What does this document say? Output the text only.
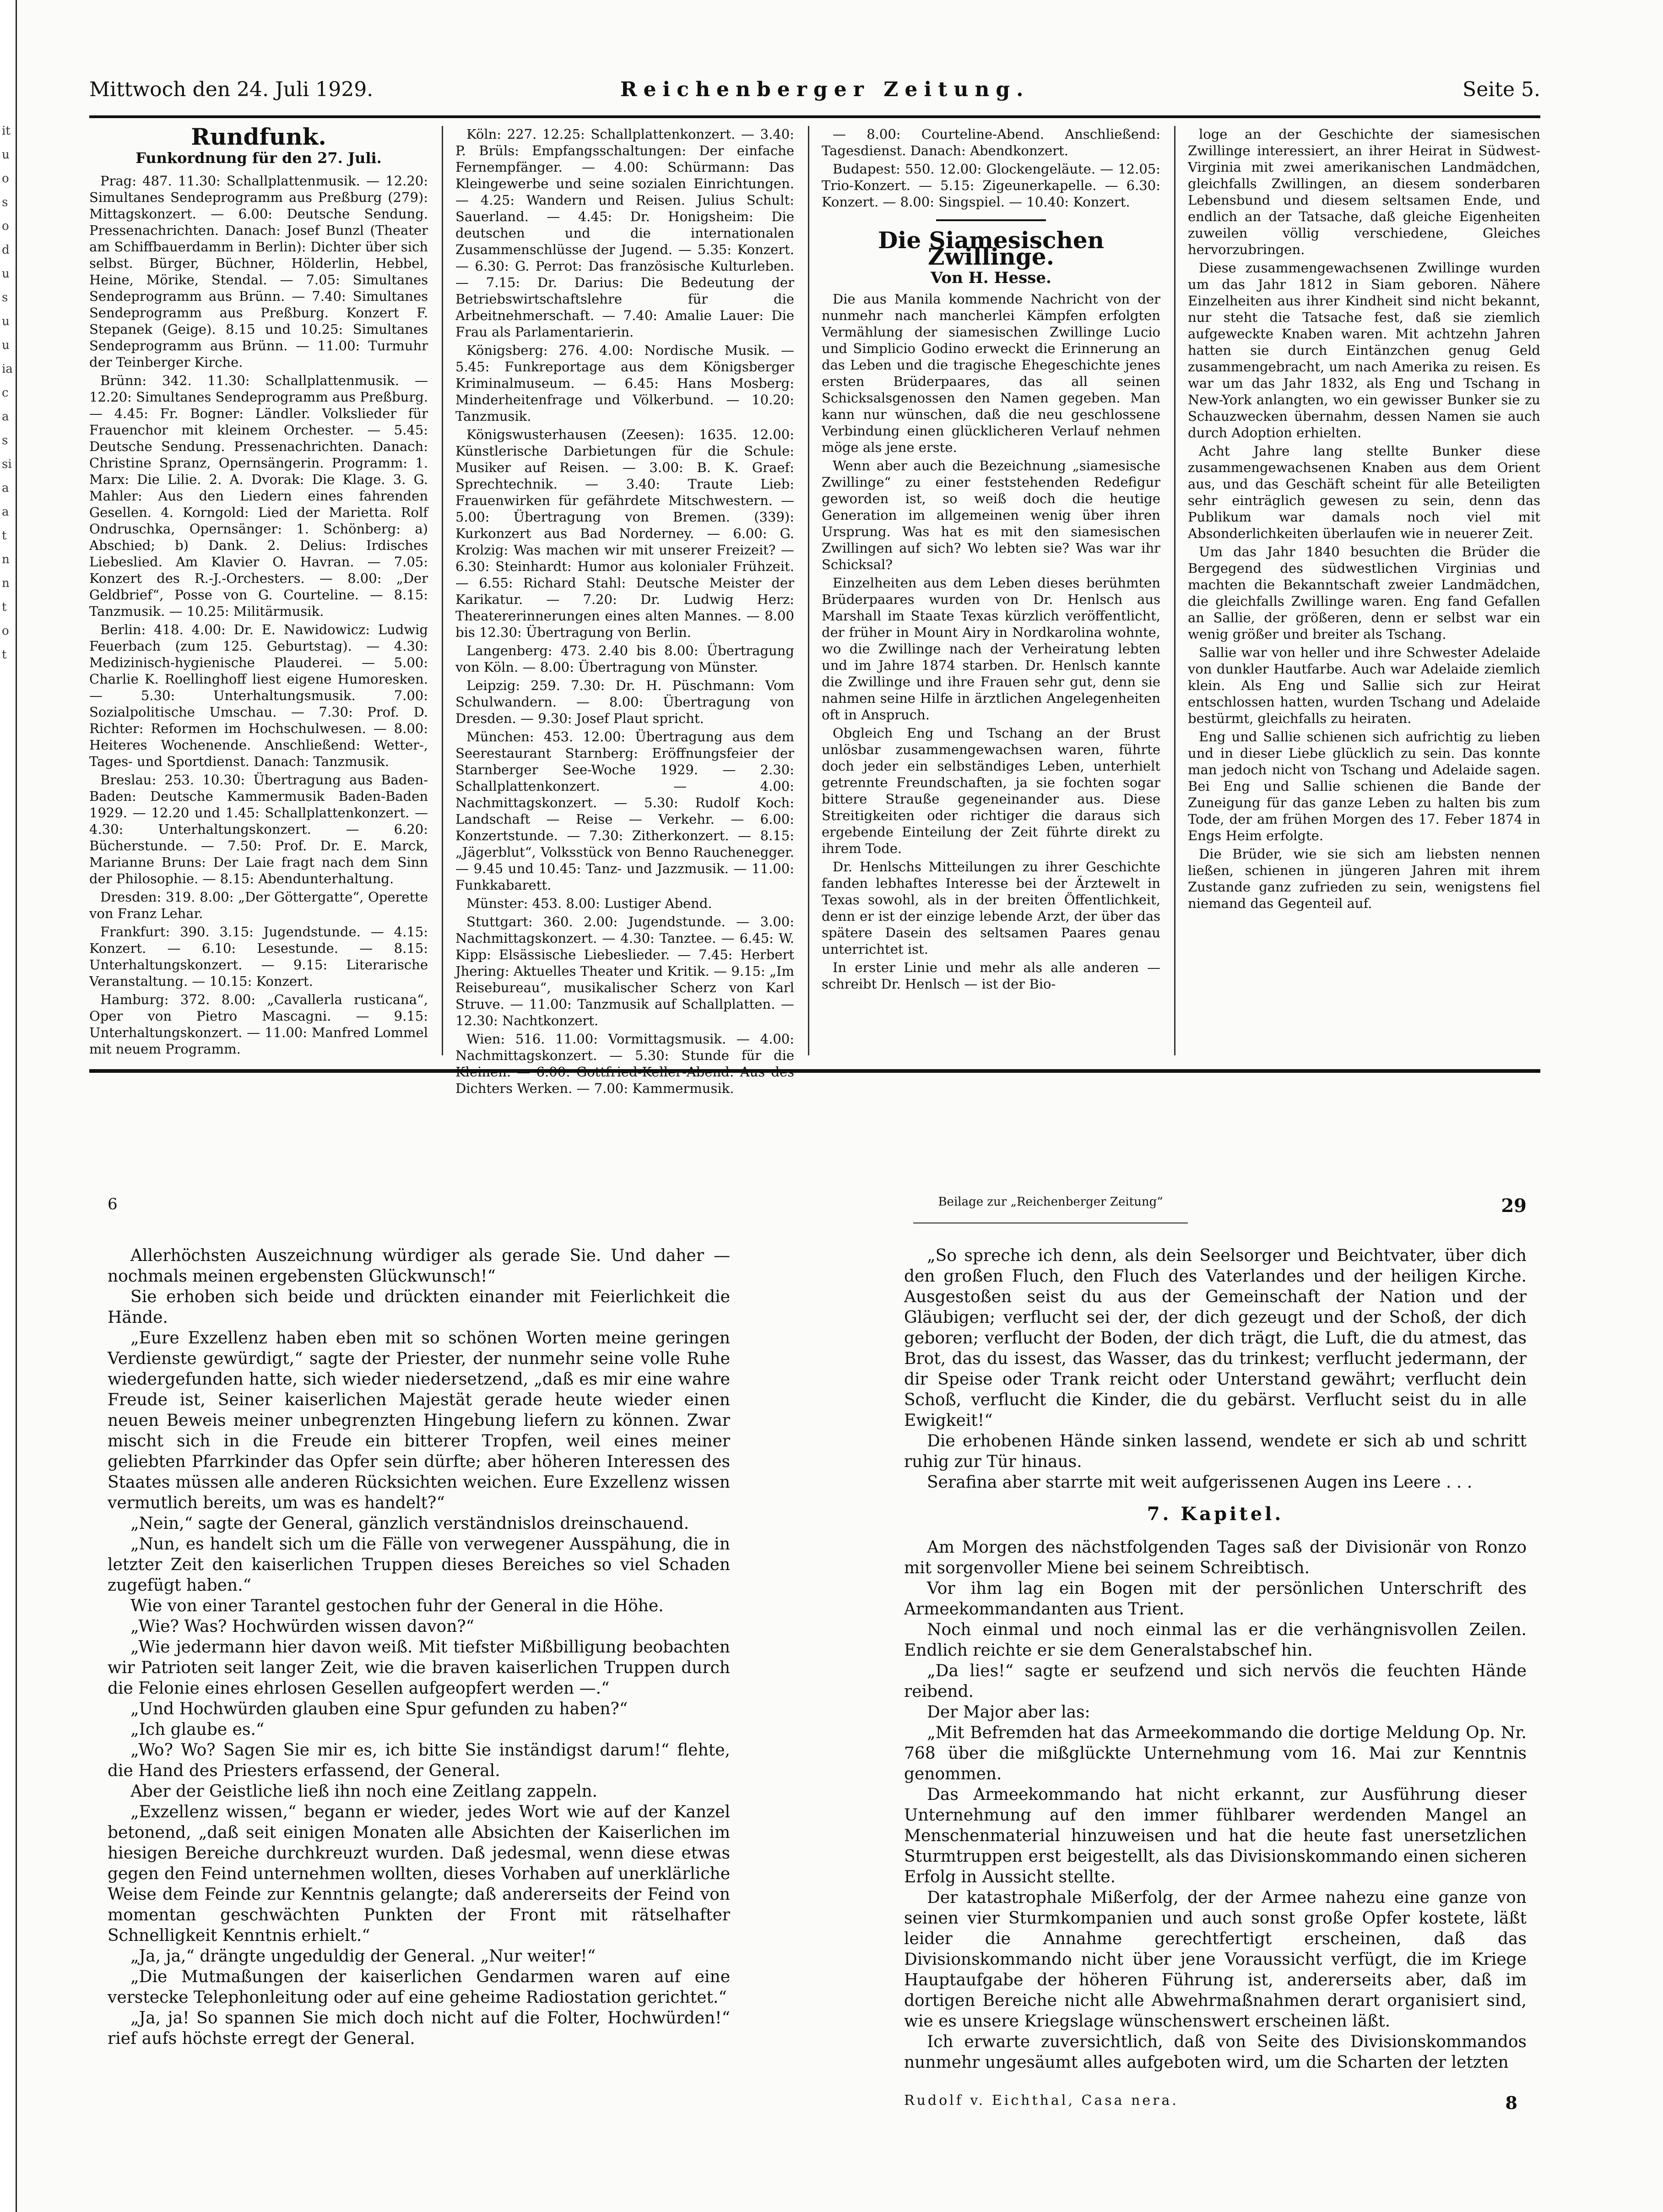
ituosodusuuiacassiaatnntot
Mittwoch den 24. Juli 1929.	Reichenberger Zeitung.	Seite 5.
Rundfunk.
Funkordnung für den 27. Juli.

Prag: 487. 11.30: Schallplattenmusik. — 12.20: Simultanes Sendeprogramm aus Preßburg (279): Mittagskonzert. — 6.00: Deutsche Sendung. Pressenachrichten. Danach: Josef Bunzl (Theater am Schiffbauerdamm in Berlin): Dichter über sich selbst. Bürger, Büchner, Hölderlin, Hebbel, Heine, Mörike, Stendal. — 7.05: Simultanes Sendeprogramm aus Brünn. — 7.40: Simultanes Sendeprogramm aus Preßburg. Konzert F. Stepanek (Geige). 8.15 und 10.25: Simultanes Sendeprogramm aus Brünn. — 11.00: Turmuhr der Teinberger Kirche.

Brünn: 342. 11.30: Schallplattenmusik. — 12.20: Simultanes Sendeprogramm aus Preßburg. — 4.45: Fr. Bogner: Ländler. Volkslieder für Frauenchor mit kleinem Orchester. — 5.45: Deutsche Sendung. Pressenachrichten. Danach: Christine Spranz, Opernsängerin. Programm: 1. Marx: Die Lilie. 2. A. Dvorak: Die Klage. 3. G. Mahler: Aus den Liedern eines fahrenden Gesellen. 4. Korngold: Lied der Marietta. Rolf Ondruschka, Opernsänger: 1. Schönberg: a) Abschied; b) Dank. 2. Delius: Irdisches Liebeslied. Am Klavier O. Havran. — 7.05: Konzert des R.-J.-Orchesters. — 8.00: „Der Geldbrief“, Posse von G. Courteline. — 8.15: Tanzmusik. — 10.25: Militärmusik.

Berlin: 418. 4.00: Dr. E. Nawidowicz: Ludwig Feuerbach (zum 125. Geburtstag). — 4.30: Medizinisch-hygienische Plauderei. — 5.00: Charlie K. Roellinghoff liest eigene Humoresken. — 5.30: Unterhaltungsmusik. 7.00: Sozialpolitische Umschau. — 7.30: Prof. D. Richter: Reformen im Hochschulwesen. — 8.00: Heiteres Wochenende. Anschließend: Wetter-, Tages- und Sportdienst. Danach: Tanzmusik.

Breslau: 253. 10.30: Übertragung aus Baden-Baden: Deutsche Kammermusik Baden-Baden 1929. — 12.20 und 1.45: Schallplattenkonzert. — 4.30: Unterhaltungskonzert. — 6.20: Bücherstunde. — 7.50: Prof. Dr. E. Marck, Marianne Bruns: Der Laie fragt nach dem Sinn der Philosophie. — 8.15: Abendunterhaltung.

Dresden: 319. 8.00: „Der Göttergatte“, Operette von Franz Lehar.

Frankfurt: 390. 3.15: Jugendstunde. — 4.15: Konzert. — 6.10: Lesestunde. — 8.15: Unterhaltungskonzert. — 9.15: Literarische Veranstaltung. — 10.15: Konzert.

Hamburg: 372. 8.00: „Cavallerla rusticana“, Oper von Pietro Mascagni. — 9.15: Unterhaltungskonzert. — 11.00: Manfred Lommel mit neuem Programm.

Köln: 227. 12.25: Schallplattenkonzert. — 3.40: P. Brüls: Empfangsschaltungen: Der einfache Fernempfänger. — 4.00: Schürmann: Das Kleingewerbe und seine sozialen Einrichtungen. — 4.25: Wandern und Reisen. Julius Schult: Sauerland. — 4.45: Dr. Honigsheim: Die deutschen und die internationalen Zusammenschlüsse der Jugend. — 5.35: Konzert. — 6.30: G. Perrot: Das französische Kulturleben. — 7.15: Dr. Darius: Die Bedeutung der Betriebswirtschaftslehre für die Arbeitnehmerschaft. — 7.40: Amalie Lauer: Die Frau als Parlamentarierin.

Königsberg: 276. 4.00: Nordische Musik. — 5.45: Funkreportage aus dem Königsberger Kriminalmuseum. — 6.45: Hans Mosberg: Minderheitenfrage und Völkerbund. — 10.20: Tanzmusik.

Königswusterhausen (Zeesen): 1635. 12.00: Künstlerische Darbietungen für die Schule: Musiker auf Reisen. — 3.00: B. K. Graef: Sprechtechnik. — 3.40: Traute Lieb: Frauenwirken für gefährdete Mitschwestern. — 5.00: Übertragung von Bremen. (339): Kurkonzert aus Bad Norderney. — 6.00: G. Krolzig: Was machen wir mit unserer Freizeit? — 6.30: Steinhardt: Humor aus kolonialer Frühzeit. — 6.55: Richard Stahl: Deutsche Meister der Karikatur. — 7.20: Dr. Ludwig Herz: Theatererinnerungen eines alten Mannes. — 8.00 bis 12.30: Übertragung von Berlin.

Langenberg: 473. 2.40 bis 8.00: Übertragung von Köln. — 8.00: Übertragung von Münster.

Leipzig: 259. 7.30: Dr. H. Püschmann: Vom Schulwandern. — 8.00: Übertragung von Dresden. — 9.30: Josef Plaut spricht.

München: 453. 12.00: Übertragung aus dem Seerestaurant Starnberg: Eröffnungsfeier der Starnberger See-Woche 1929. — 2.30: Schallplattenkonzert. — 4.00: Nachmittagskonzert. — 5.30: Rudolf Koch: Landschaft — Reise — Verkehr. — 6.00: Konzertstunde. — 7.30: Zitherkonzert. — 8.15: „Jägerblut“, Volksstück von Benno Rauchenegger. — 9.45 und 10.45: Tanz- und Jazzmusik. — 11.00: Funkkabarett.

Münster: 453. 8.00: Lustiger Abend.

Stuttgart: 360. 2.00: Jugendstunde. — 3.00: Nachmittagskonzert. — 4.30: Tanztee. — 6.45: W. Kipp: Elsässische Liebeslieder. — 7.45: Herbert Jhering: Aktuelles Theater und Kritik. — 9.15: „Im Reisebureau“, musikalischer Scherz von Karl Struve. — 11.00: Tanzmusik auf Schallplatten. — 12.30: Nachtkonzert.

Wien: 516. 11.00: Vormittagsmusik. — 4.00: Nachmittagskonzert. — 5.30: Stunde für die Dichters Werken. — 7.00: Kammermusik.

— 8.00: Courteline-Abend. Anschließend: Tagesdienst. Danach: Abendkonzert.

Budapest: 550. 12.00: Glockengeläute. — 12.05: Trio-Konzert. — 5.15: Zigeunerkapelle. — 6.30: Konzert. — 8.00: Singspiel. — 10.40: Konzert.

Die Siamesischen Zwillinge.
Von H. Hesse.

Die aus Manila kommende Nachricht von der nunmehr nach mancherlei Kämpfen erfolgten Vermählung der siamesischen Zwillinge Lucio und Simplicio Godino erweckt die Erinnerung an das Leben und die tragische Ehegeschichte jenes ersten Brüderpaares, das all seinen Schicksalsgenossen den Namen gegeben. Man kann nur wünschen, daß die neu geschlossene Verbindung einen glücklicheren Verlauf nehmen möge als jene erste.

Wenn aber auch die Bezeichnung „siamesische Zwillinge“ zu einer feststehenden Redefigur geworden ist, so weiß doch die heutige Generation im allgemeinen wenig über ihren Ursprung. Was hat es mit den siamesischen Zwillingen auf sich? Wo lebten sie? Was war ihr Schicksal?

Einzelheiten aus dem Leben dieses berühmten Brüderpaares wurden von Dr. Henlsch aus Marshall im Staate Texas kürzlich veröffentlicht, der früher in Mount Airy in Nordkarolina wohnte, wo die Zwillinge nach der Verheiratung lebten und im Jahre 1874 starben. Dr. Henlsch kannte die Zwillinge und ihre Frauen sehr gut, denn sie nahmen seine Hilfe in ärztlichen Angelegenheiten oft in Anspruch.

Obgleich Eng und Tschang an der Brust unlösbar zusammengewachsen waren, führte doch jeder ein selbständiges Leben, unterhielt getrennte Freundschaften, ja sie fochten sogar bittere Strauße gegeneinander aus. Diese Streitigkeiten oder richtiger die daraus sich ergebende Einteilung der Zeit führte direkt zu ihrem Tode.

Dr. Henlschs Mitteilungen zu ihrer Geschichte fanden lebhaftes Interesse bei der Ärztewelt in Texas sowohl, als in der breiten Öffentlichkeit, denn er ist der einzige lebende Arzt, der über das spätere Dasein des seltsamen Paares genau unterrichtet ist.

In erster Linie und mehr als alle anderen — schreibt Dr. Henlsch — ist der Bio-

loge an der Geschichte der siamesischen Zwillinge interessiert, an ihrer Heirat in Südwest-Virginia mit zwei amerikanischen Landmädchen, gleichfalls Zwillingen, an diesem sonderbaren Lebensbund und diesem seltsamen Ende, und endlich an der Tatsache, daß gleiche Eigenheiten zuweilen völlig verschiedene, Gleiches hervorzubringen.

Diese zusammengewachsenen Zwillinge wurden um das Jahr 1812 in Siam geboren. Nähere Einzelheiten aus ihrer Kindheit sind nicht bekannt, nur steht die Tatsache fest, daß sie ziemlich aufgeweckte Knaben waren. Mit achtzehn Jahren hatten sie durch Eintänzchen genug Geld zusammengebracht, um nach Amerika zu reisen. Es war um das Jahr 1832, als Eng und Tschang in New-York anlangten, wo ein gewisser Bunker sie zu Schauzwecken übernahm, dessen Namen sie auch durch Adoption erhielten.

Acht Jahre lang stellte Bunker diese zusammengewachsenen Knaben aus dem Orient aus, und das Geschäft scheint für alle Beteiligten sehr einträglich gewesen zu sein, denn das Publikum war damals noch viel mit Absonderlichkeiten überlaufen wie in neuerer Zeit.

Um das Jahr 1840 besuchten die Brüder die Bergegend des südwestlichen Virginias und machten die Bekanntschaft zweier Landmädchen, die gleichfalls Zwillinge waren. Eng fand Gefallen an Sallie, der größeren, denn er selbst war ein wenig größer und breiter als Tschang.

Sallie war von heller und ihre Schwester Adelaide von dunkler Hautfarbe. Auch war Adelaide ziemlich klein. Als Eng und Sallie sich zur Heirat entschlossen hatten, wurden Tschang und Adelaide bestürmt, gleichfalls zu heiraten.

Eng und Sallie schienen sich aufrichtig zu lieben und in dieser Liebe glücklich zu sein. Das konnte man jedoch nicht von Tschang und Adelaide sagen. Bei Eng und Sallie schienen die Bande der Zuneigung für das ganze Leben zu halten bis zum Tode, der am frühen Morgen des 17. Feber 1874 in Engs Heim erfolgte.

Die Brüder, wie sie sich am liebsten nennen ließen, schienen in jüngeren Jahren mit ihrem Zustande ganz zufrieden zu sein, wenigstens fiel niemand das Gegenteil auf.

6	Beilage zur „Reichenberger Zeitung“	29

Allerhöchsten Auszeichnung würdiger als gerade Sie. Und daher — nochmals meinen ergebensten Glückwunsch!“

Sie erhoben sich beide und drückten einander mit Feierlichkeit die Hände.

„Eure Exzellenz haben eben mit so schönen Worten meine geringen Verdienste gewürdigt,“ sagte der Priester, der nunmehr seine volle Ruhe wiedergefunden hatte, sich wieder niedersetzend, „daß es mir eine wahre Freude ist, Seiner kaiserlichen Majestät gerade heute wieder einen neuen Beweis meiner unbegrenzten Hingebung liefern zu können. Zwar mischt sich in die Freude ein bitterer Tropfen, weil eines meiner geliebten Pfarrkinder das Opfer sein dürfte; aber höheren Interessen des Staates müssen alle anderen Rücksichten weichen. Eure Exzellenz wissen vermutlich bereits, um was es handelt?“

„Nein,“ sagte der General, gänzlich verständnislos dreinschauend.

„Nun, es handelt sich um die Fälle von verwegener Ausspähung, die in letzter Zeit den kaiserlichen Truppen dieses Bereiches so viel Schaden zugefügt haben.“

Wie von einer Tarantel gestochen fuhr der General in die Höhe.

„Wie? Was? Hochwürden wissen davon?“

„Wie jedermann hier davon weiß. Mit tiefster Mißbilligung beobachten wir Patrioten seit langer Zeit, wie die braven kaiserlichen Truppen durch die Felonie eines ehrlosen Gesellen aufgeopfert werden —.“

„Und Hochwürden glauben eine Spur gefunden zu haben?“

„Ich glaube es.“

„Wo? Wo? Sagen Sie mir es, ich bitte Sie inständigst darum!“ flehte, die Hand des Priesters erfassend, der General.

Aber der Geistliche ließ ihn noch eine Zeitlang zappeln.

„Exzellenz wissen,“ begann er wieder, jedes Wort wie auf der Kanzel betonend, „daß seit einigen Monaten alle Absichten der Kaiserlichen im hiesigen Bereiche durchkreuzt wurden. Daß jedesmal, wenn diese etwas gegen den Feind unternehmen wollten, dieses Vorhaben auf unerklärliche Weise dem Feinde zur Kenntnis gelangte; daß andererseits der Feind von momentan geschwächten Punkten der Front mit rätselhafter Schnelligkeit Kenntnis erhielt.“

„Ja, ja,“ drängte ungeduldig der General. „Nur weiter!“

„Die Mutmaßungen der kaiserlichen Gendarmen waren auf eine verstecke Telephonleitung oder auf eine geheime Radiostation gerichtet.“

„Ja, ja! So spannen Sie mich doch nicht auf die Folter, Hochwürden!“ rief aufs höchste erregt der General.

„So spreche ich denn, als dein Seelsorger und Beichtvater, über dich den großen Fluch, den Fluch des Vaterlandes und der heiligen Kirche. Ausgestoßen seist du aus der Gemeinschaft der Nation und der Gläubigen; verflucht sei der, der dich gezeugt und der Schoß, der dich geboren; verflucht der Boden, der dich trägt, die Luft, die du atmest, das Brot, das du issest, das Wasser, das du trinkest; verflucht jedermann, der dir Speise oder Trank reicht oder Unterstand gewährt; verflucht dein Schoß, verflucht die Kinder, die du gebärst. Verflucht seist du in alle Ewigkeit!“

Die erhobenen Hände sinken lassend, wendete er sich ab und schritt ruhig zur Tür hinaus.

Serafina aber starrte mit weit aufgerissenen Augen ins Leere . . .

7. Kapitel.

Am Morgen des nächstfolgenden Tages saß der Divisionär von Ronzo mit sorgenvoller Miene bei seinem Schreibtisch.

Vor ihm lag ein Bogen mit der persönlichen Unterschrift des Armeekommandanten aus Trient.

Noch einmal und noch einmal las er die verhängnisvollen Zeilen. Endlich reichte er sie dem Generalstabschef hin.

„Da lies!“ sagte er seufzend und sich nervös die feuchten Hände reibend.

Der Major aber las:

„Mit Befremden hat das Armeekommando die dortige Meldung Op. Nr. 768 über die mißglückte Unternehmung vom 16. Mai zur Kenntnis genommen.

Das Armeekommando hat nicht erkannt, zur Ausführung dieser Unternehmung auf den immer fühlbarer werdenden Mangel an Menschenmaterial hinzuweisen und hat die heute fast unersetzlichen Sturmtruppen erst beigestellt, als das Divisionskommando einen sicheren Erfolg in Aussicht stellte.

Der katastrophale Mißerfolg, der der Armee nahezu eine ganze von seinen vier Sturmkompanien und auch sonst große Opfer kostete, läßt leider die Annahme gerechtfertigt erscheinen, daß das Divisionskommando nicht über jene Voraussicht verfügt, die im Kriege Hauptaufgabe der höheren Führung ist, andererseits aber, daß im dortigen Bereiche nicht alle Abwehrmaßnahmen derart organisiert sind, wie es unsere Kriegslage wünschenswert erscheinen läßt.

Ich erwarte zuversichtlich, daß von Seite des Divisionskommandos nunmehr ungesäumt alles aufgeboten wird, um die Scharten der letzten

Rudolf v. Eichthal, Casa nera.	8
